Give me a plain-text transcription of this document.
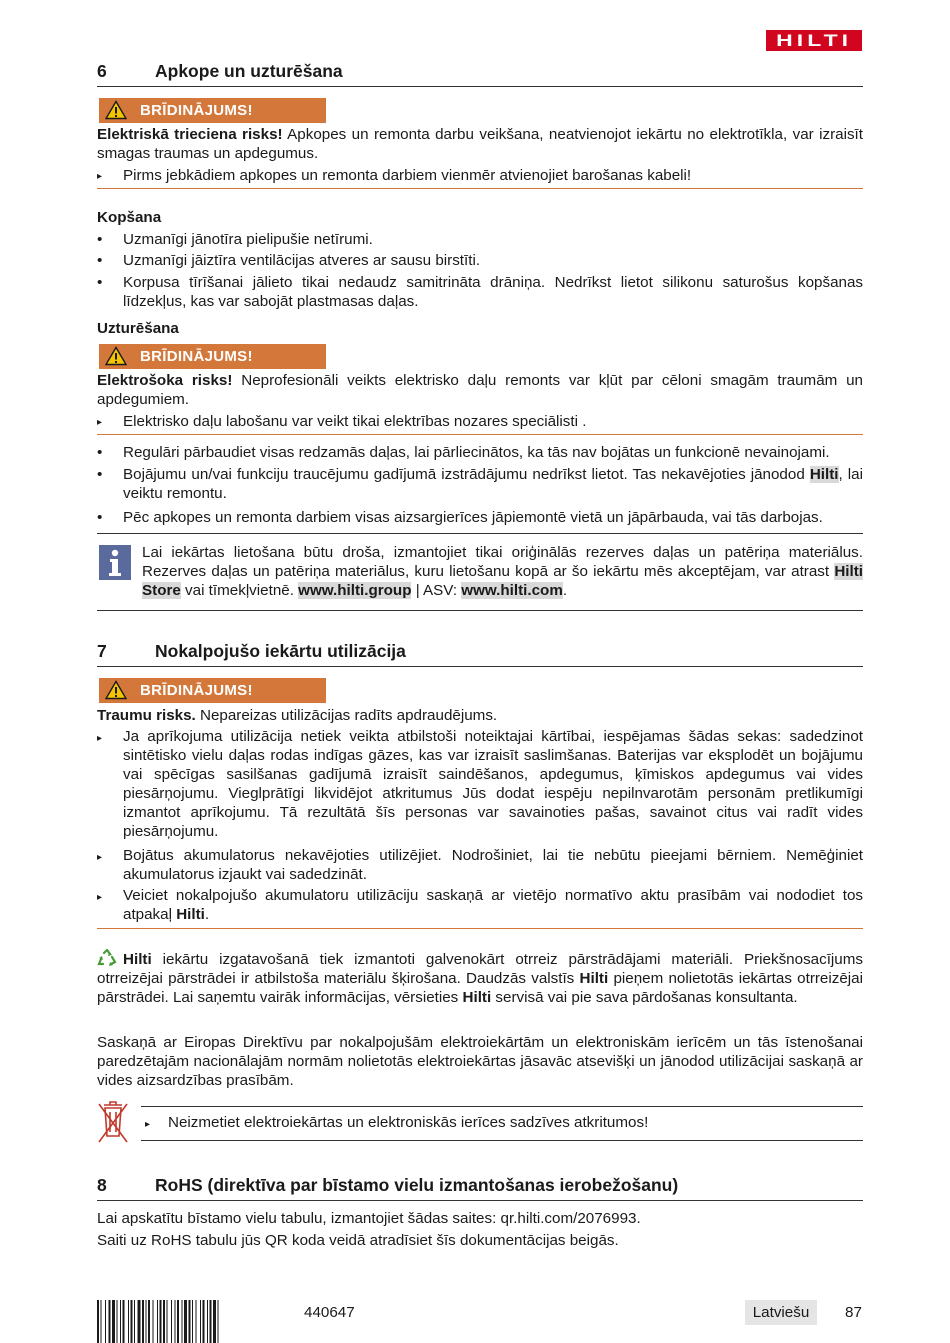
HILTI
6	Apkope un uzturēšana
BRĪDINĀJUMS!
Elektriskā trieciena risks! Apkopes un remonta darbu veikšana, neatvienojot iekārtu no elektrotīkla, var izraisīt smagas traumas un apdegumus.
▸ Pirms jebkādiem apkopes un remonta darbiem vienmēr atvienojiet barošanas kabeli!
Kopšana
• Uzmanīgi jānotīra pielipušie netīrumi.
• Uzmanīgi jāiztīra ventilācijas atveres ar sausu birstīti.
• Korpusa tīrīšanai jālieto tikai nedaudz samitrināta drāniņa. Nedrīkst lietot silikonu saturošus kopšanas līdzekļus, kas var sabojāt plastmasas daļas.
Uzturēšana
BRĪDINĀJUMS!
Elektrošoka risks! Neprofesionāli veikts elektrisko daļu remonts var kļūt par cēloni smagām traumām un apdegumiem.
▸ Elektrisko daļu labošanu var veikt tikai elektrības nozares speciālisti .
• Regulāri pārbaudiet visas redzamās daļas, lai pārliecinātos, ka tās nav bojātas un funkcionē nevainojami.
• Bojājumu un/vai funkciju traucējumu gadījumā izstrādājumu nedrīkst lietot. Tas nekavējoties jānodod Hilti, lai veiktu remontu.
• Pēc apkopes un remonta darbiem visas aizsargierīces jāpiemontē vietā un jāpārbauda, vai tās darbojas.
Lai iekārtas lietošana būtu droša, izmantojiet tikai oriģinālās rezerves daļas un patēriņa materiālus. Rezerves daļas un patēriņa materiālus, kuru lietošanu kopā ar šo iekārtu mēs akceptējam, var atrast Hilti Store vai tīmekļvietnē. www.hilti.group | ASV: www.hilti.com.
7	Nokalpojušo iekārtu utilizācija
BRĪDINĀJUMS!
Traumu risks. Nepareizas utilizācijas radīts apdraudējums.
▸ Ja aprīkojuma utilizācija netiek veikta atbilstoši noteiktajai kārtībai, iespējamas šādas sekas: sadedzinot sintētisko vielu daļas rodas indīgas gāzes, kas var izraisīt saslimšanas. Baterijas var eksplodēt un bojājumu vai spēcīgas sasilšanas gadījumā izraisīt saindēšanos, apdegumus, ķīmiskos apdegumus vai vides piesārņojumu. Vieglprātīgi likvidējot atkritumus Jūs dodat iespēju nepilnvarotām personām pretlikumīgi izmantot aprīkojumu. Tā rezultātā šīs personas var savainoties pašas, savainot citus vai radīt vides piesārņojumu.
▸ Bojātus akumulatorus nekavējoties utilizējiet. Nodrošiniet, lai tie nebūtu pieejami bērniem. Nemēģiniet akumulatorus izjaukt vai sadedzināt.
▸ Veiciet nokalpojušo akumulatoru utilizāciju saskaņā ar vietējo normatīvo aktu prasībām vai nododiet tos atpakaļ Hilti.
Hilti iekārtu izgatavošanā tiek izmantoti galvenokārt otrreiz pārstrādājami materiāli. Priekšnosacījums otrreizējai pārstrādei ir atbilstoša materiālu šķirošana. Daudzās valstīs Hilti pieņem nolietotās iekārtas otrreizējai pārstrādei. Lai saņemtu vairāk informācijas, vērsieties Hilti servisā vai pie sava pārdošanas konsultanta.
Saskaņā ar Eiropas Direktīvu par nokalpojušām elektroiekārtām un elektroniskām ierīcēm un tās īstenošanai paredzētajām nacionālajām normām nolietotās elektroiekārtas jāsavāc atsevišķi un jānodod utilizācijai saskaņā ar vides aizsardzības prasībām.
▸ Neizmetiet elektroiekārtas un elektroniskās ierīces sadzīves atkritumos!
8	RoHS (direktīva par bīstamo vielu izmantošanas ierobežošanu)
Lai apskatītu bīstamo vielu tabulu, izmantojiet šādas saites: qr.hilti.com/2076993.
Saiti uz RoHS tabulu jūs QR koda veidā atradīsiet šīs dokumentācijas beigās.
440647	Latviešu	87
